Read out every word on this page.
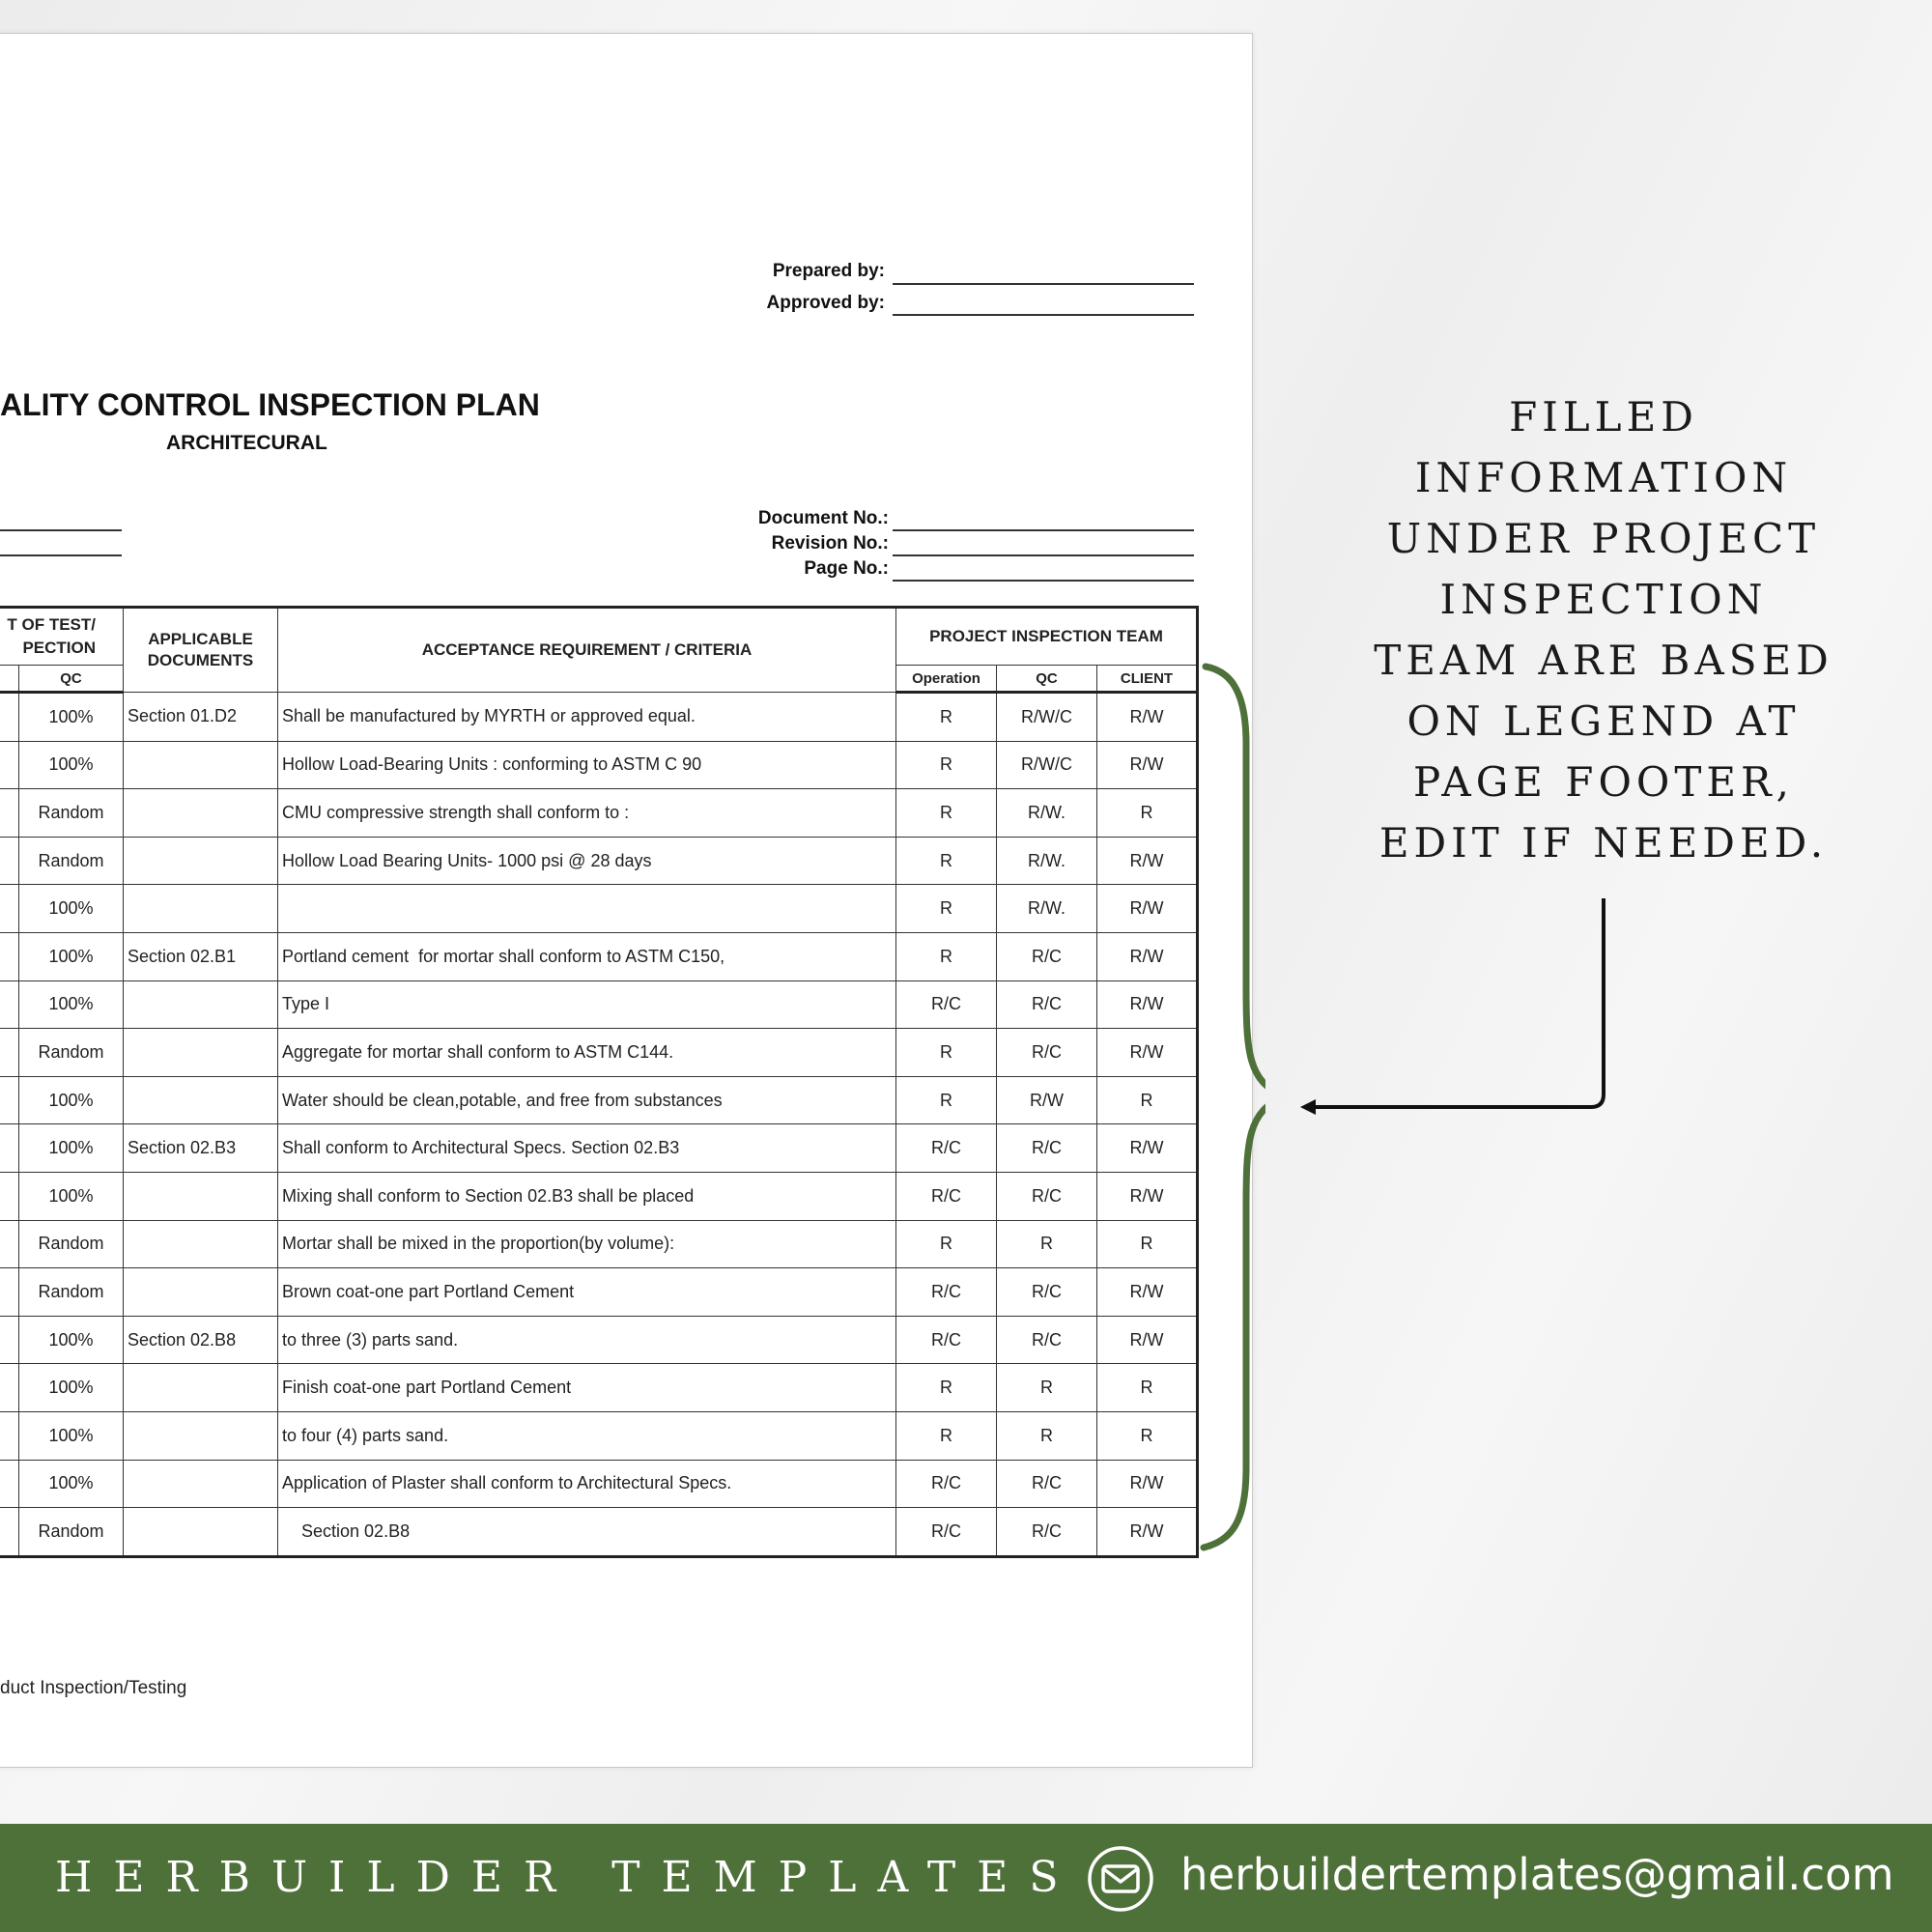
Prepared by:
Approved by:
ALITY CONTROL INSPECTION PLAN
ARCHITECURAL
Document No.:
Revision No.:
Page No.:
T OF TEST/
PECTION		APPLICABLE
DOCUMENTS	ACCEPTANCE REQUIREMENT / CRITERIA	PROJECT INSPECTION TEAM		
	QC			Operation	QC	CLIENT
	100%	Section 01.D2	Shall be manufactured by MYRTH or approved equal.	R	R/W/C	R/W
	100%		Hollow Load-Bearing Units : conforming to ASTM C 90	R	R/W/C	R/W
	Random		CMU compressive strength shall conform to :	R	R/W.	R
	Random		Hollow Load Bearing Units- 1000 psi @ 28 days	R	R/W.	R/W
	100%			R	R/W.	R/W
	100%	Section 02.B1	Portland cement  for mortar shall conform to ASTM C150,	R	R/C	R/W
	100%		Type I	R/C	R/C	R/W
	Random		Aggregate for mortar shall conform to ASTM C144.	R	R/C	R/W
	100%		Water should be clean,potable, and free from substances	R	R/W	R
	100%	Section 02.B3	Shall conform to Architectural Specs. Section 02.B3	R/C	R/C	R/W
	100%		Mixing shall conform to Section 02.B3 shall be placed	R/C	R/C	R/W
	Random		Mortar shall be mixed in the proportion(by volume):	R	R	R
	Random		Brown coat-one part Portland Cement	R/C	R/C	R/W
	100%	Section 02.B8	to three (3) parts sand.	R/C	R/C	R/W
	100%		Finish coat-one part Portland Cement	R	R	R
	100%		to four (4) parts sand.	R	R	R
	100%		Application of Plaster shall conform to Architectural Specs.	R/C	R/C	R/W
	Random		Section 02.B8	R/C	R/C	R/W
duct Inspection/Testing
FILLED INFORMATION UNDER PROJECT INSPECTION TEAM ARE BASED ON LEGEND AT PAGE FOOTER, EDIT IF NEEDED.
HERBUILDER TEMPLATES herbuildertemplates@gmail.com
